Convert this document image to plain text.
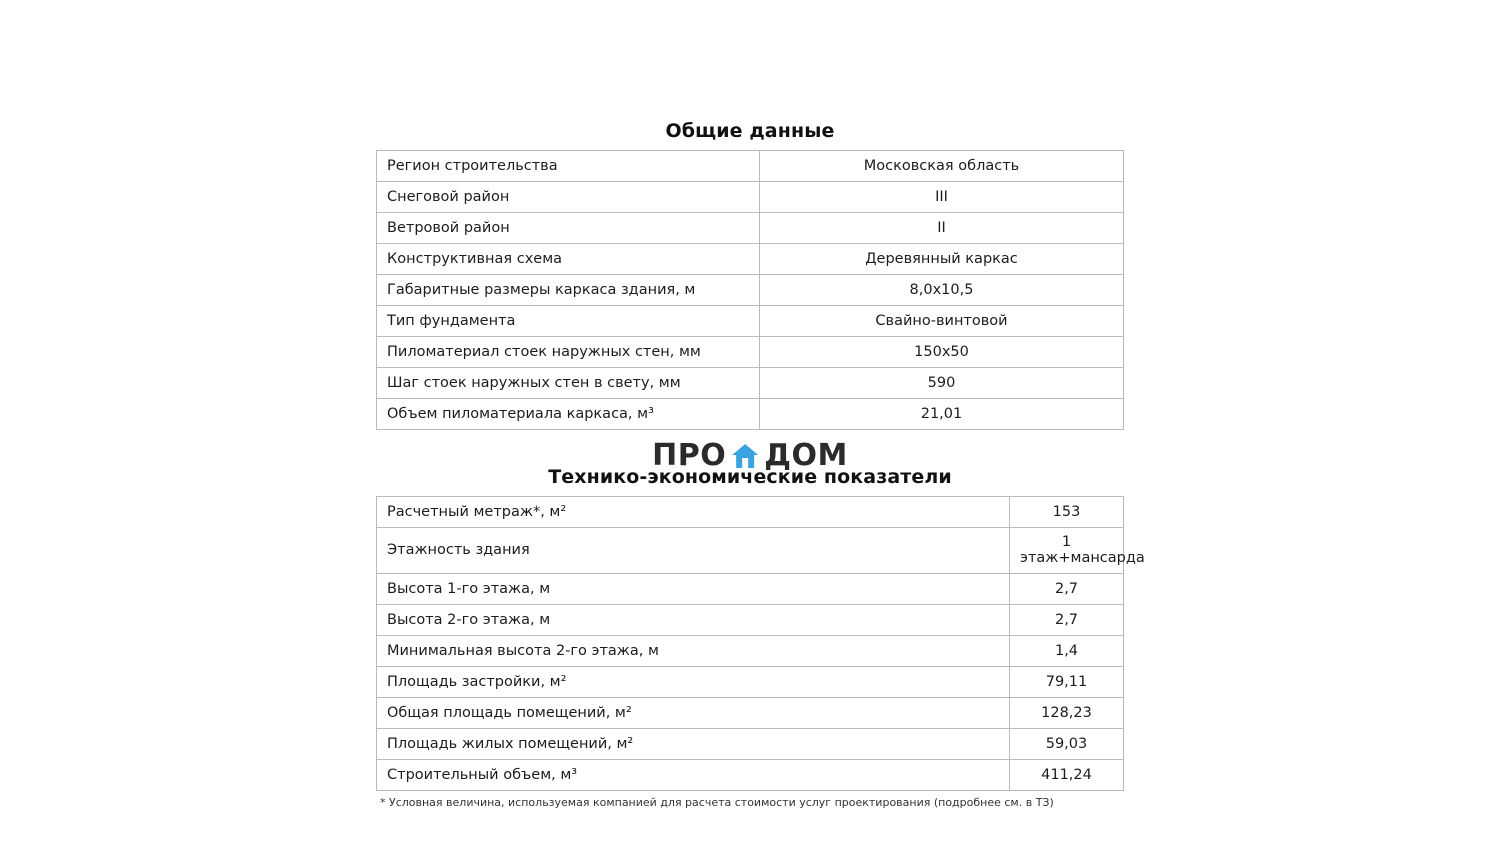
Общие данные
Регион строительства	Московская область
Снеговой район	III
Ветровой район	II
Конструктивная схема	Деревянный каркас
Габаритные размеры каркаса здания, м	8,0х10,5
Тип фундамента	Свайно-винтовой
Пиломатериал стоек наружных стен, мм	150х50
Шаг стоек наружных стен в свету, мм	590
Объем пиломатериала каркаса, м³	21,01
ПРО ДОМ
Технико-экономические показатели
Расчетный метраж*, м²	153
Этажность здания	1 этаж+мансарда
Высота 1-го этажа, м	2,7
Высота 2-го этажа, м	2,7
Минимальная высота 2-го этажа, м	1,4
Площадь застройки, м²	79,11
Общая площадь помещений, м²	128,23
Площадь жилых помещений, м²	59,03
Строительный объем, м³	411,24
* Условная величина, используемая компанией для расчета стоимости услуг проектирования (подробнее см. в ТЗ)
